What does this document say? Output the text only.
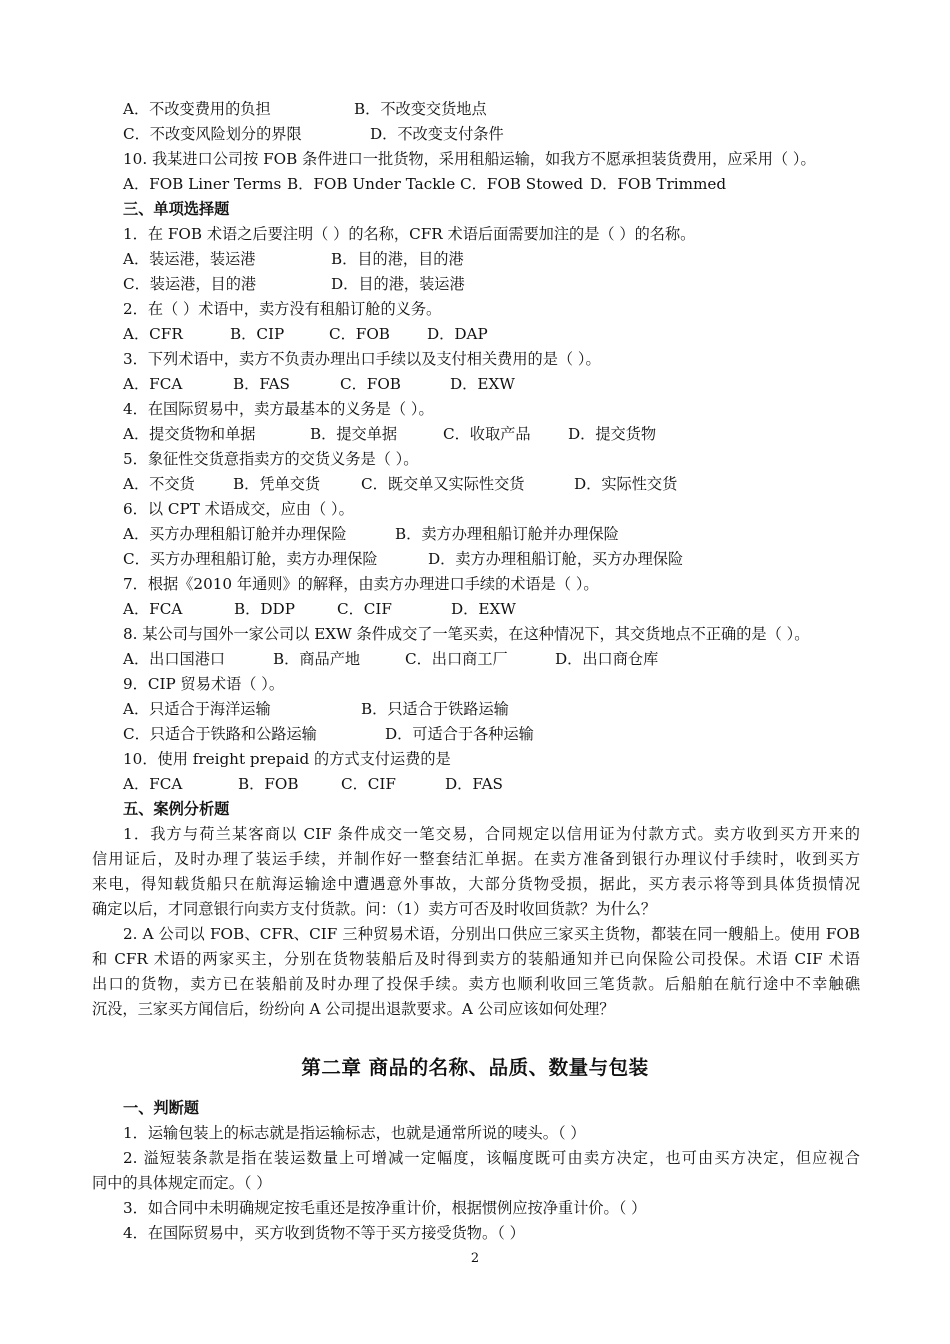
A．不改变费用的负担	B．不改变交货地点
C．不改变风险划分的界限	D．不改变支付条件
10. 我某进口公司按 FOB 条件进口一批货物，采用租船运输，如我方不愿承担装货费用，应采用（ ）。
A．FOB Liner Terms B．FOB Under Tackle C．FOB Stowed D．FOB Trimmed
三、单项选择题
1．在 FOB 术语之后要注明（ ）的名称，CFR 术语后面需要加注的是（ ）的名称。
A．装运港，装运港	B．目的港，目的港
C．装运港，目的港	D．目的港，装运港
2．在（ ）术语中，卖方没有租船订舱的义务。
A．CFR	B．CIP	C．FOB D．DAP
3．下列术语中，卖方不负责办理出口手续以及支付相关费用的是（ ）。
A．FCA	B．FAS	C．FOB	D．EXW
4．在国际贸易中，卖方最基本的义务是（ ）。
A．提交货物和单据	B．提交单据	C．收取产品 D．提交货物
5．象征性交货意指卖方的交货义务是（ ）。
A．不交货	B．凭单交货	C．既交单又实际性交货	D．实际性交货
6．以 CPT 术语成交，应由（ ）。
A．买方办理租船订舱并办理保险	B．卖方办理租船订舱并办理保险
C．买方办理租船订舱，卖方办理保险	D．卖方办理租船订舱，买方办理保险
7．根据《2010 年通则》的解释，由卖方办理进口手续的术语是（ ）。
A．FCA	B．DDP	C．CIF	D．EXW
8. 某公司与国外一家公司以 EXW 条件成交了一笔买卖，在这种情况下，其交货地点不正确的是（ ）。
A．出口国港口	B．商品产地	C．出口商工厂	D．出口商仓库
9．CIP 贸易术语（ ）。
A．只适合于海洋运输	B．只适合于铁路运输
C．只适合于铁路和公路运输	D．可适合于各种运输
10．使用 freight prepaid 的方式支付运费的是
A．FCA	B．FOB	C．CIF	D．FAS
五、案例分析题
1．我方与荷兰某客商以 CIF 条件成交一笔交易，合同规定以信用证为付款方式。卖方收到买方开来的
信用证后，及时办理了装运手续，并制作好一整套结汇单据。在卖方准备到银行办理议付手续时，收到买方
来电，得知载货船只在航海运输途中遭遇意外事故，大部分货物受损，据此，买方表示将等到具体货损情况
确定以后，才同意银行向卖方支付货款。问：（1）卖方可否及时收回货款？为什么？
2. A 公司以 FOB、CFR、CIF 三种贸易术语，分别出口供应三家买主货物，都装在同一艘船上。使用 FOB
和 CFR 术语的两家买主，分别在货物装船后及时得到卖方的装船通知并已向保险公司投保。术语 CIF 术语
出口的货物，卖方已在装船前及时办理了投保手续。卖方也顺利收回三笔货款。后船舶在航行途中不幸触礁
沉没，三家买方闻信后，纷纷向 A 公司提出退款要求。A 公司应该如何处理？
第二章 商品的名称、品质、数量与包装
一、判断题
1．运输包装上的标志就是指运输标志，也就是通常所说的唛头。（ ）
2. 溢短装条款是指在装运数量上可增减一定幅度，该幅度既可由卖方决定，也可由买方决定，但应视合
同中的具体规定而定。（ ）
3．如合同中未明确规定按毛重还是按净重计价，根据惯例应按净重计价。（ ）
4．在国际贸易中，买方收到货物不等于买方接受货物。（ ）
2
